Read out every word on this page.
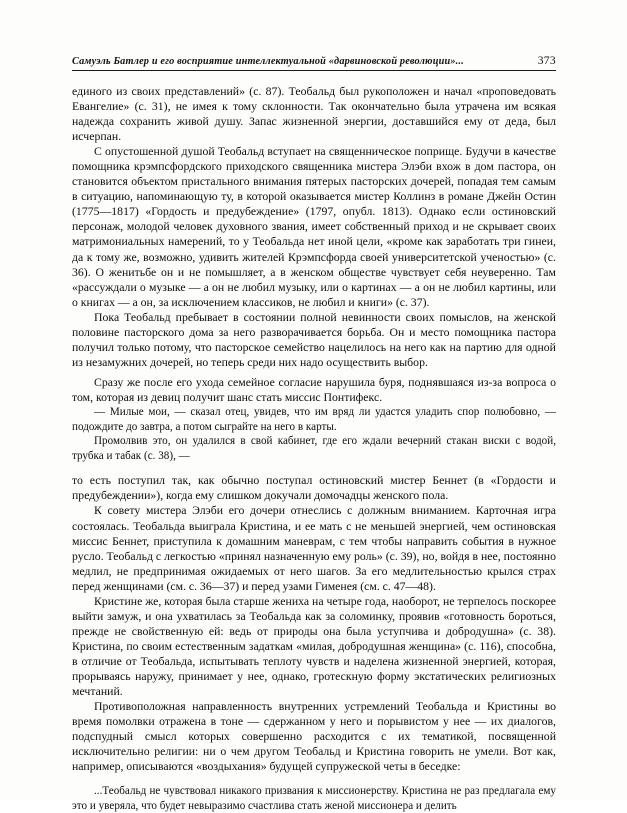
Самуэль Батлер и его восприятие интеллектуальной «дарвиновской революции»...	373

единого из своих представлений» (с. 87). Теобальд был рукоположен и начал «проповедовать Евангелие» (с. 31), не имея к тому склонности. Так окончательно была утрачена им всякая надежда сохранить живой душу. Запас жизненной энергии, доставшийся ему от деда, был исчерпан.

С опустошенной душой Теобальд вступает на священническое поприще. Будучи в качестве помощника крэмпсфордского приходского священника мистера Элэби вхож в дом пастора, он становится объектом пристального внимания пятерых пасторских дочерей, попадая тем самым в ситуацию, напоминающую ту, в которой оказывается мистер Коллинз в романе Джейн Остин (1775—1817) «Гордость и предубеждение» (1797, опубл. 1813). Однако если остиновский персонаж, молодой человек духовного звания, имеет собственный приход и не скрывает своих матримониальных намерений, то у Теобальда нет иной цели, «кроме как заработать три гинеи, да к тому же, возможно, удивить жителей Крэмпсфорда своей университетской ученостью» (с. 36). О женитьбе он и не помышляет, а в женском обществе чувствует себя неуверенно. Там «рассуждали о музыке — а он не любил музыку, или о картинах — а он не любил картины, или о книгах — а он, за исключением классиков, не любил и книги» (с. 37).

Пока Теобальд пребывает в состоянии полной невинности своих помыслов, на женской половине пасторского дома за него разворачивается борьба. Он и место помощника пастора получил только потому, что пасторское семейство нацелилось на него как на партию для одной из незамужних дочерей, но теперь среди них надо осуществить выбор.

Сразу же после его ухода семейное согласие нарушила буря, поднявшаяся из-за вопроса о том, которая из девиц получит шанс стать миссис Понтифекс.

— Милые мои, — сказал отец, увидев, что им вряд ли удастся уладить спор полюбовно, — подождите до завтра, а потом сыграйте на него в карты.

Промолвив это, он удалился в свой кабинет, где его ждали вечерний стакан виски с водой, трубка и табак (с. 38), —

то есть поступил так, как обычно поступал остиновский мистер Беннет (в «Гордости и предубеждении»), когда ему слишком докучали домочадцы женского пола.

К совету мистера Элэби его дочери отнеслись с должным вниманием. Карточная игра состоялась. Теобальда выиграла Кристина, и ее мать с не меньшей энергией, чем остиновская миссис Беннет, приступила к домашним маневрам, с тем чтобы направить события в нужное русло. Теобальд с легкостью «принял назначенную ему роль» (с. 39), но, войдя в нее, постоянно медлил, не предпринимая ожидаемых от него шагов. За его медлительностью крылся страх перед женщинами (см. с. 36—37) и перед узами Гименея (см. с. 47—48).

Кристине же, которая была старше жениха на четыре года, наоборот, не терпелось поскорее выйти замуж, и она ухватилась за Теобальда как за соломинку, проявив «готовность бороться, прежде не свойственную ей: ведь от природы она была уступчива и добродушна» (с. 38). Кристина, по своим естественным задаткам «милая, добродушная женщина» (с. 116), способна, в отличие от Теобальда, испытывать теплоту чувств и наделена жизненной энергией, которая, прорываясь наружу, принимает у нее, однако, гротескную форму экстатических религиозных мечтаний.

Противоположная направленность внутренних устремлений Теобальда и Кристины во время помолвки отражена в тоне — сдержанном у него и порывистом у нее — их диалогов, подспудный смысл которых совершенно расходится с их тематикой, посвященной исключительно религии: ни о чем другом Теобальд и Кристина говорить не умели. Вот как, например, описываются «воздыхания» будущей супружеской четы в беседке:

...Теобальд не чувствовал никакого призвания к миссионерству. Кристина не раз предлагала ему это и уверяла, что будет невыразимо счастлива стать женой миссионера и делить
